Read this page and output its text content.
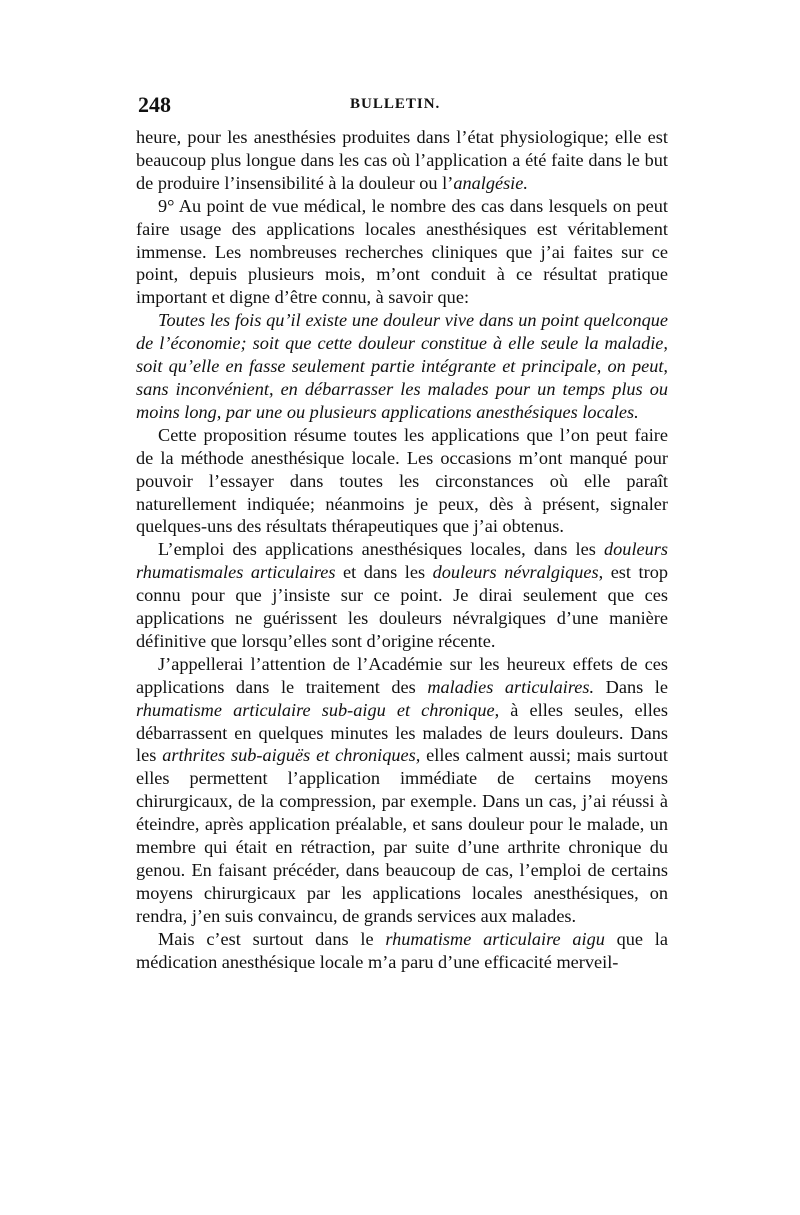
248	BULLETIN.

heure, pour les anesthésies produites dans l’état physiologique; elle est beaucoup plus longue dans les cas où l’application a été faite dans le but de produire l’insensibilité à la douleur ou l’analgésie.

9° Au point de vue médical, le nombre des cas dans lesquels on peut faire usage des applications locales anesthésiques est véritablement immense. Les nombreuses recherches cliniques que j’ai faites sur ce point, depuis plusieurs mois, m’ont conduit à ce résultat pratique important et digne d’être connu, à savoir que:

Toutes les fois qu’il existe une douleur vive dans un point quelconque de l’économie; soit que cette douleur constitue à elle seule la maladie, soit qu’elle en fasse seulement partie intégrante et principale, on peut, sans inconvénient, en débarrasser les malades pour un temps plus ou moins long, par une ou plusieurs applications anesthésiques locales.

Cette proposition résume toutes les applications que l’on peut faire de la méthode anesthésique locale. Les occasions m’ont manqué pour pouvoir l’essayer dans toutes les circonstances où elle paraît naturellement indiquée; néanmoins je peux, dès à présent, signaler quelques-uns des résultats thérapeutiques que j’ai obtenus.

L’emploi des applications anesthésiques locales, dans les douleurs rhumatismales articulaires et dans les douleurs névralgiques, est trop connu pour que j’insiste sur ce point. Je dirai seulement que ces applications ne guérissent les douleurs névralgiques d’une manière définitive que lorsqu’elles sont d’origine récente.

J’appellerai l’attention de l’Académie sur les heureux effets de ces applications dans le traitement des maladies articulaires. Dans le rhumatisme articulaire sub-aigu et chronique, à elles seules, elles débarrassent en quelques minutes les malades de leurs douleurs. Dans les arthrites sub-aiguës et chroniques, elles calment aussi; mais surtout elles permettent l’application immédiate de certains moyens chirurgicaux, de la compression, par exemple. Dans un cas, j’ai réussi à éteindre, après application préalable, et sans douleur pour le malade, un membre qui était en rétraction, par suite d’une arthrite chronique du genou. En faisant précéder, dans beaucoup de cas, l’emploi de certains moyens chirurgicaux par les applications locales anesthésiques, on rendra, j’en suis convaincu, de grands services aux malades.

Mais c’est surtout dans le rhumatisme articulaire aigu que la médication anesthésique locale m’a paru d’une efficacité merveil-
